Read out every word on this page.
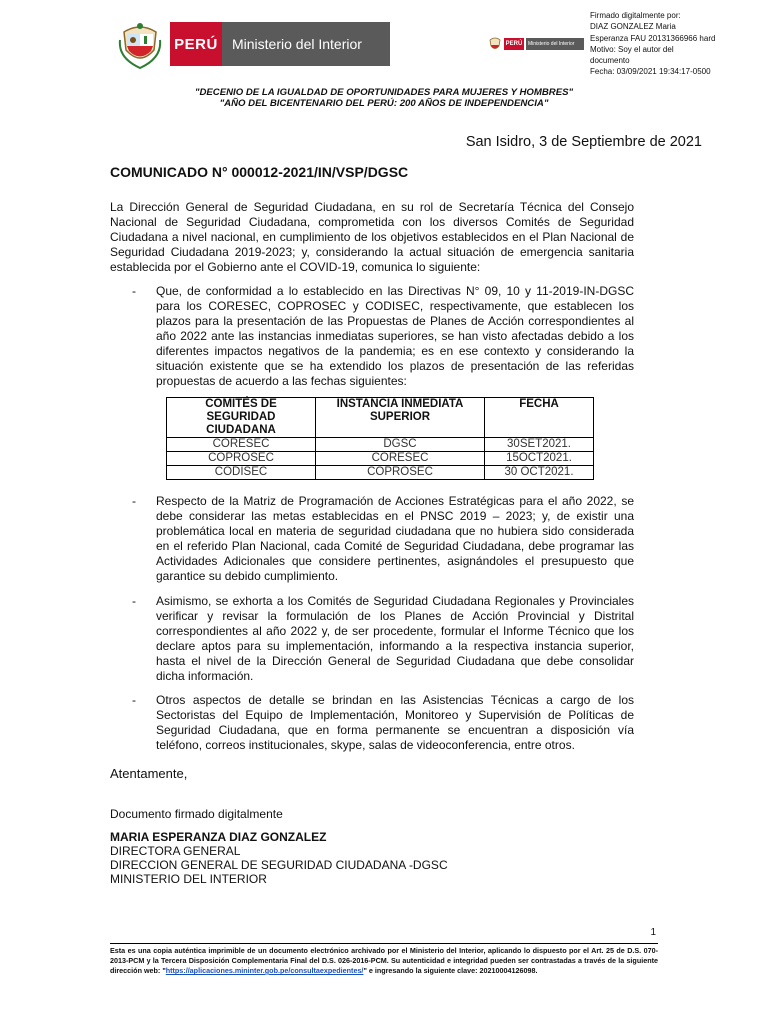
PERÚ	Ministerio del Interior	PERÚ	Ministerio del Interior
Firmado digitalmente por:
DIAZ GONZALEZ Maria
Esperanza FAU 20131366966 hard
Motivo: Soy el autor del
documento
Fecha: 03/09/2021 19:34:17-0500
"DECENIO DE LA IGUALDAD DE OPORTUNIDADES PARA MUJERES Y HOMBRES"
"AÑO DEL BICENTENARIO DEL PERÚ: 200 AÑOS DE INDEPENDENCIA"
San Isidro, 3 de Septiembre de 2021
COMUNICADO N° 000012-2021/IN/VSP/DGSC
La Dirección General de Seguridad Ciudadana, en su rol de Secretaría Técnica del Consejo Nacional de Seguridad Ciudadana, comprometida con los diversos Comités de Seguridad Ciudadana a nivel nacional, en cumplimiento de los objetivos establecidos en el Plan Nacional de Seguridad Ciudadana 2019-2023; y, considerando la actual situación de emergencia sanitaria establecida por el Gobierno ante el COVID-19, comunica lo siguiente:
- Que, de conformidad a lo establecido en las Directivas N° 09, 10 y 11-2019-IN-DGSC para los CORESEC, COPROSEC y CODISEC, respectivamente, que establecen los plazos para la presentación de las Propuestas de Planes de Acción correspondientes al año 2022 ante las instancias inmediatas superiores, se han visto afectadas debido a los diferentes impactos negativos de la pandemia; es en ese contexto y considerando la situación existente que se ha extendido los plazos de presentación de las referidas propuestas de acuerdo a las fechas siguientes:
COMITÉS DE SEGURIDAD CIUDADANA	INSTANCIA INMEDIATA SUPERIOR	FECHA
CORESEC	DGSC	30SET2021.
COPROSEC	CORESEC	15OCT2021.
CODISEC	COPROSEC	30 OCT2021.
- Respecto de la Matriz de Programación de Acciones Estratégicas para el año 2022, se debe considerar las metas establecidas en el PNSC 2019 – 2023; y, de existir una problemática local en materia de seguridad ciudadana que no hubiera sido considerada en el referido Plan Nacional, cada Comité de Seguridad Ciudadana, debe programar las Actividades Adicionales que considere pertinentes, asignándoles el presupuesto que garantice su debido cumplimiento.
- Asimismo, se exhorta a los Comités de Seguridad Ciudadana Regionales y Provinciales verificar y revisar la formulación de los Planes de Acción Provincial y Distrital correspondientes al año 2022 y, de ser procedente, formular el Informe Técnico que los declare aptos para su implementación, informando a la respectiva instancia superior, hasta el nivel de la Dirección General de Seguridad Ciudadana que debe consolidar dicha información.
- Otros aspectos de detalle se brindan en las Asistencias Técnicas a cargo de los Sectoristas del Equipo de Implementación, Monitoreo y Supervisión de Políticas de Seguridad Ciudadana, que en forma permanente se encuentran a disposición vía teléfono, correos institucionales, skype, salas de videoconferencia, entre otros.
Atentamente,
Documento firmado digitalmente
MARIA ESPERANZA DIAZ GONZALEZ
DIRECTORA GENERAL
DIRECCION GENERAL DE SEGURIDAD CIUDADANA -DGSC
MINISTERIO DEL INTERIOR
1
Esta es una copia auténtica imprimible de un documento electrónico archivado por el Ministerio del Interior, aplicando lo dispuesto por el Art. 25 de D.S. 070-2013-PCM y la Tercera Disposición Complementaria Final del D.S. 026-2016-PCM. Su autenticidad e integridad pueden ser contrastadas a través de la siguiente dirección web: "https://aplicaciones.mininter.gob.pe/consultaexpedientes/" e ingresando la siguiente clave: 20210004126098.
